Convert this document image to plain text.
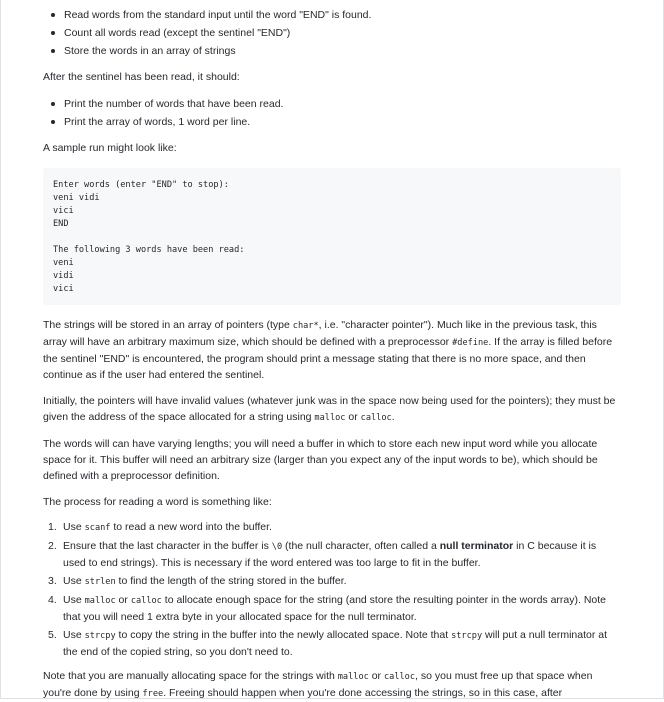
Read words from the standard input until the word "END" is found.
Count all words read (except the sentinel "END")
Store the words in an array of strings

After the sentinel has been read, it should:

Print the number of words that have been read.
Print the array of words, 1 word per line.

A sample run might look like:

Enter words (enter "END" to stop):
veni vidi
vici
END
The following 3 words have been read:
veni
vidi
vici

The strings will be stored in an array of pointers (type char*, i.e. "character pointer"). Much like in the previous task, this array will have an arbitrary maximum size, which should be defined with a preprocessor #define. If the array is filled before the sentinel "END" is encountered, the program should print a message stating that there is no more space, and then continue as if the user had entered the sentinel.

Initially, the pointers will have invalid values (whatever junk was in the space now being used for the pointers); they must be given the address of the space allocated for a string using malloc or calloc.

The words will can have varying lengths; you will need a buffer in which to store each new input word while you allocate space for it. This buffer will need an arbitrary size (larger than you expect any of the input words to be), which should be defined with a preprocessor definition.

The process for reading a word is something like:

1. Use scanf to read a new word into the buffer.
2. Ensure that the last character in the buffer is \0 (the null character, often called a null terminator in C because it is used to end strings). This is necessary if the word entered was too large to fit in the buffer.
3. Use strlen to find the length of the string stored in the buffer.
4. Use malloc or calloc to allocate enough space for the string (and store the resulting pointer in the words array). Note that you will need 1 extra byte in your allocated space for the null terminator.
5. Use strcpy to copy the string in the buffer into the newly allocated space. Note that strcpy will put a null terminator at the end of the copied string, so you don't need to.

Note that you are manually allocating space for the strings with malloc or calloc, so you must free up that space when you're done by using free. Freeing should happen when you're done accessing the strings, so in this case, after
